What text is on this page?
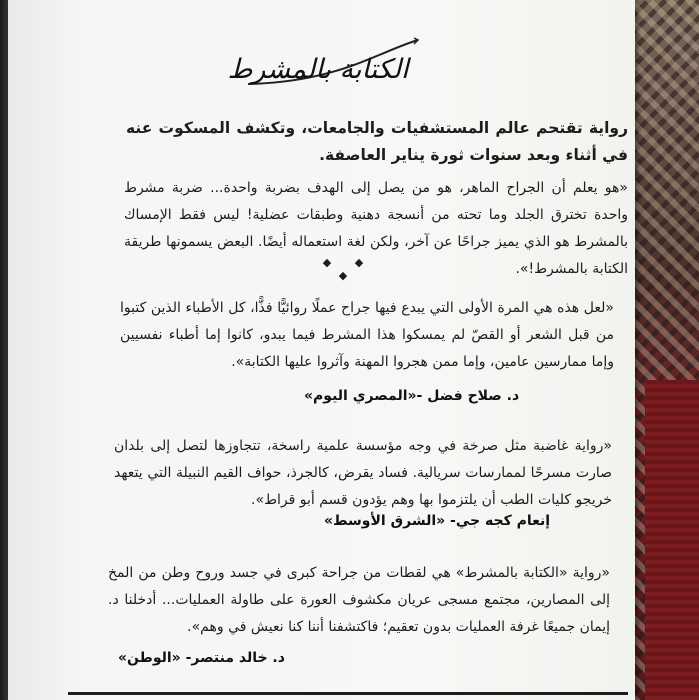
الكتابة بالمشرط
رواية تقتحم عالم المستشفيات والجامعات، وتكشف المسكوت عنه في أثناء وبعد سنوات ثورة يناير العاصفة.
«هو يعلم أن الجراح الماهر، هو من يصل إلى الهدف بضربة واحدة... ضربة مشرط واحدة تخترق الجلد وما تحته من أنسجة دهنية وطبقات عضلية! ليس فقط الإمساك بالمشرط هو الذي يميز جراحًا عن آخر، ولكن لغة استعماله أيضًا. البعض يسمونها طريقة الكتابة بالمشرط!».
◆ ◆ ◆
«لعل هذه هي المرة الأولى التي يبدع فيها جراح عملًا روائيًّا فذًّا، كل الأطباء الذين كتبوا من قبل الشعر أو القصّ لم يمسكوا هذا المشرط فيما يبدو، كانوا إما أطباء نفسيين وإما ممارسين عامين، وإما ممن هجروا المهنة وآثروا عليها الكتابة».
د. صلاح فضل -«المصري اليوم»
«رواية غاضبة مثل صرخة في وجه مؤسسة علمية راسخة، تتجاوزها لتصل إلى بلدان صارت مسرحًا لممارسات سريالية. فساد يقرض، كالجرذ، حواف القيم النبيلة التي يتعهد خريجو كليات الطب أن يلتزموا بها وهم يؤدون قسم أبو قراط».
إنعام كجه جي- «الشرق الأوسط»
«رواية «الكتابة بالمشرط» هي لقطات من جراحة كبرى في جسد وروح وطن من المخ إلى المصارين، مجتمع مسجى عريان مكشوف العورة على طاولة العمليات... أدخلنا د. إيمان جميعًا غرفة العمليات بدون تعقيم؛ فاكتشفنا أننا كنا نعيش في وهم».
د. خالد منتصر- «الوطن»
